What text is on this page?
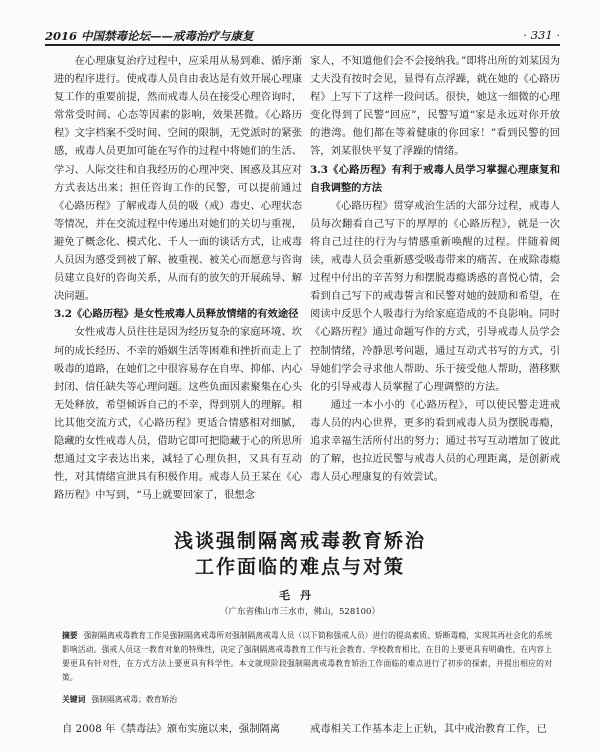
2016 中国禁毒论坛——戒毒治疗与康复	· 331 ·

在心理康复治疗过程中，应采用从易到难、循序渐进的程序进行。使戒毒人员自由表达是有效开展心理康复工作的重要前提，然而戒毒人员在接受心理咨询时，常常受时间、心态等因素的影响，效果甚微。《心路历程》文字档案不受时间、空间的限制，无党派时的紧张感，戒毒人员更加可能在写作的过程中将她们的生活、学习、人际交往和自我经历的心理冲突、困惑及其应对方式表达出来；担任咨询工作的民警，可以提前通过《心路历程》了解戒毒人员的吸（戒）毒史、心理状态等情况，并在交流过程中传递出对她们的关切与重视，避免了概念化、模式化、千人一面的谈话方式，让戒毒人员因为感受到被了解、被重视、被关心而愿意与咨询员建立良好的咨询关系，从而有的放矢的开展疏导、解决问题。

3.2《心路历程》是女性戒毒人员释放情绪的有效途径

女性戒毒人员往往是因为经历复杂的家庭环境、坎坷的成长经历、不幸的婚姻生活等困难和挫折而走上了吸毒的道路，在她们之中很容易存在自卑、抑郁、内心封闭、信任缺失等心理问题。这些负面因素聚集在心头无处释放，希望倾诉自己的不幸，得到别人的理解。相比其他交流方式，《心路历程》更适合情感相对细腻，隐藏的女性戒毒人员，借助它即可把隐藏于心的所思所想通过文字表达出来，减轻了心理负担，又具有互动性，对其情绪宣泄具有积极作用。戒毒人员王某在《心路历程》中写到，“马上就要回家了，很想念

家人，不知道他们会不会接纳我。”即将出所的刘某因为丈夫没有按时会见，显得有点浮躁，就在她的《心路历程》上写下了这样一段问话。很快，她这一细微的心理变化得到了民警“回应”，民警写道“家是永远对你开放的港湾。他们都在等着健康的你回家！”看到民警的回答，刘某很快平复了浮躁的情绪。

3.3《心路历程》有利于戒毒人员学习掌握心理康复和自我调整的方法

《心路历程》贯穿戒治生活的大部分过程，戒毒人员每次翻看自己写下的厚厚的《心路历程》，就是一次将自己过往的行为与情感重新唤醒的过程。伴随着阅读，戒毒人员会重新感受吸毒带来的痛苦、在戒除毒瘾过程中付出的辛苦努力和摆脱毒瘾诱惑的喜悦心情，会看到自己写下的戒毒誓言和民警对她的鼓励和希望，在阅读中反思个人吸毒行为给家庭造成的不良影响。同时《心路历程》通过命题写作的方式，引导戒毒人员学会控制情绪，冷静思考问题，通过互动式书写的方式，引导她们学会寻求他人帮助、乐于接受他人帮助，潜移默化的引导戒毒人员掌握了心理调整的方法。

通过一本小小的《心路历程》，可以使民警走进戒毒人员的内心世界，更多的看到戒毒人员为摆脱毒瘾，追求幸福生活所付出的努力；通过书写互动增加了彼此的了解，也拉近民警与戒毒人员的心理距离，是创新戒毒人员心理康复的有效尝试。

浅谈强制隔离戒毒教育矫治
工作面临的难点与对策
毛丹
（广东省佛山市三水市，佛山，528100）
摘要 强制隔离戒毒教育工作是强制隔离戒毒所对强制隔离戒毒人员（以下简称强戒人员）进行的提高素质、矫断毒瘾，实现其再社会化的系统影响活动。强戒人员这一教育对象的特殊性，决定了强制隔离戒毒教育工作与社会教育、学校教育相比，在目的上要更具有明确性，在内容上要更具有针对性，在方式方法上要更具有科学性。本文就现阶段强制隔离戒毒教育矫治工作面临的难点进行了初步的探索，并提出相应的对策。
关键词 强制隔离戒毒；教育矫治
自 2008 年《禁毒法》颁布实施以来，强制隔离	戒毒相关工作基本走上正轨，其中戒治教育工作，已
